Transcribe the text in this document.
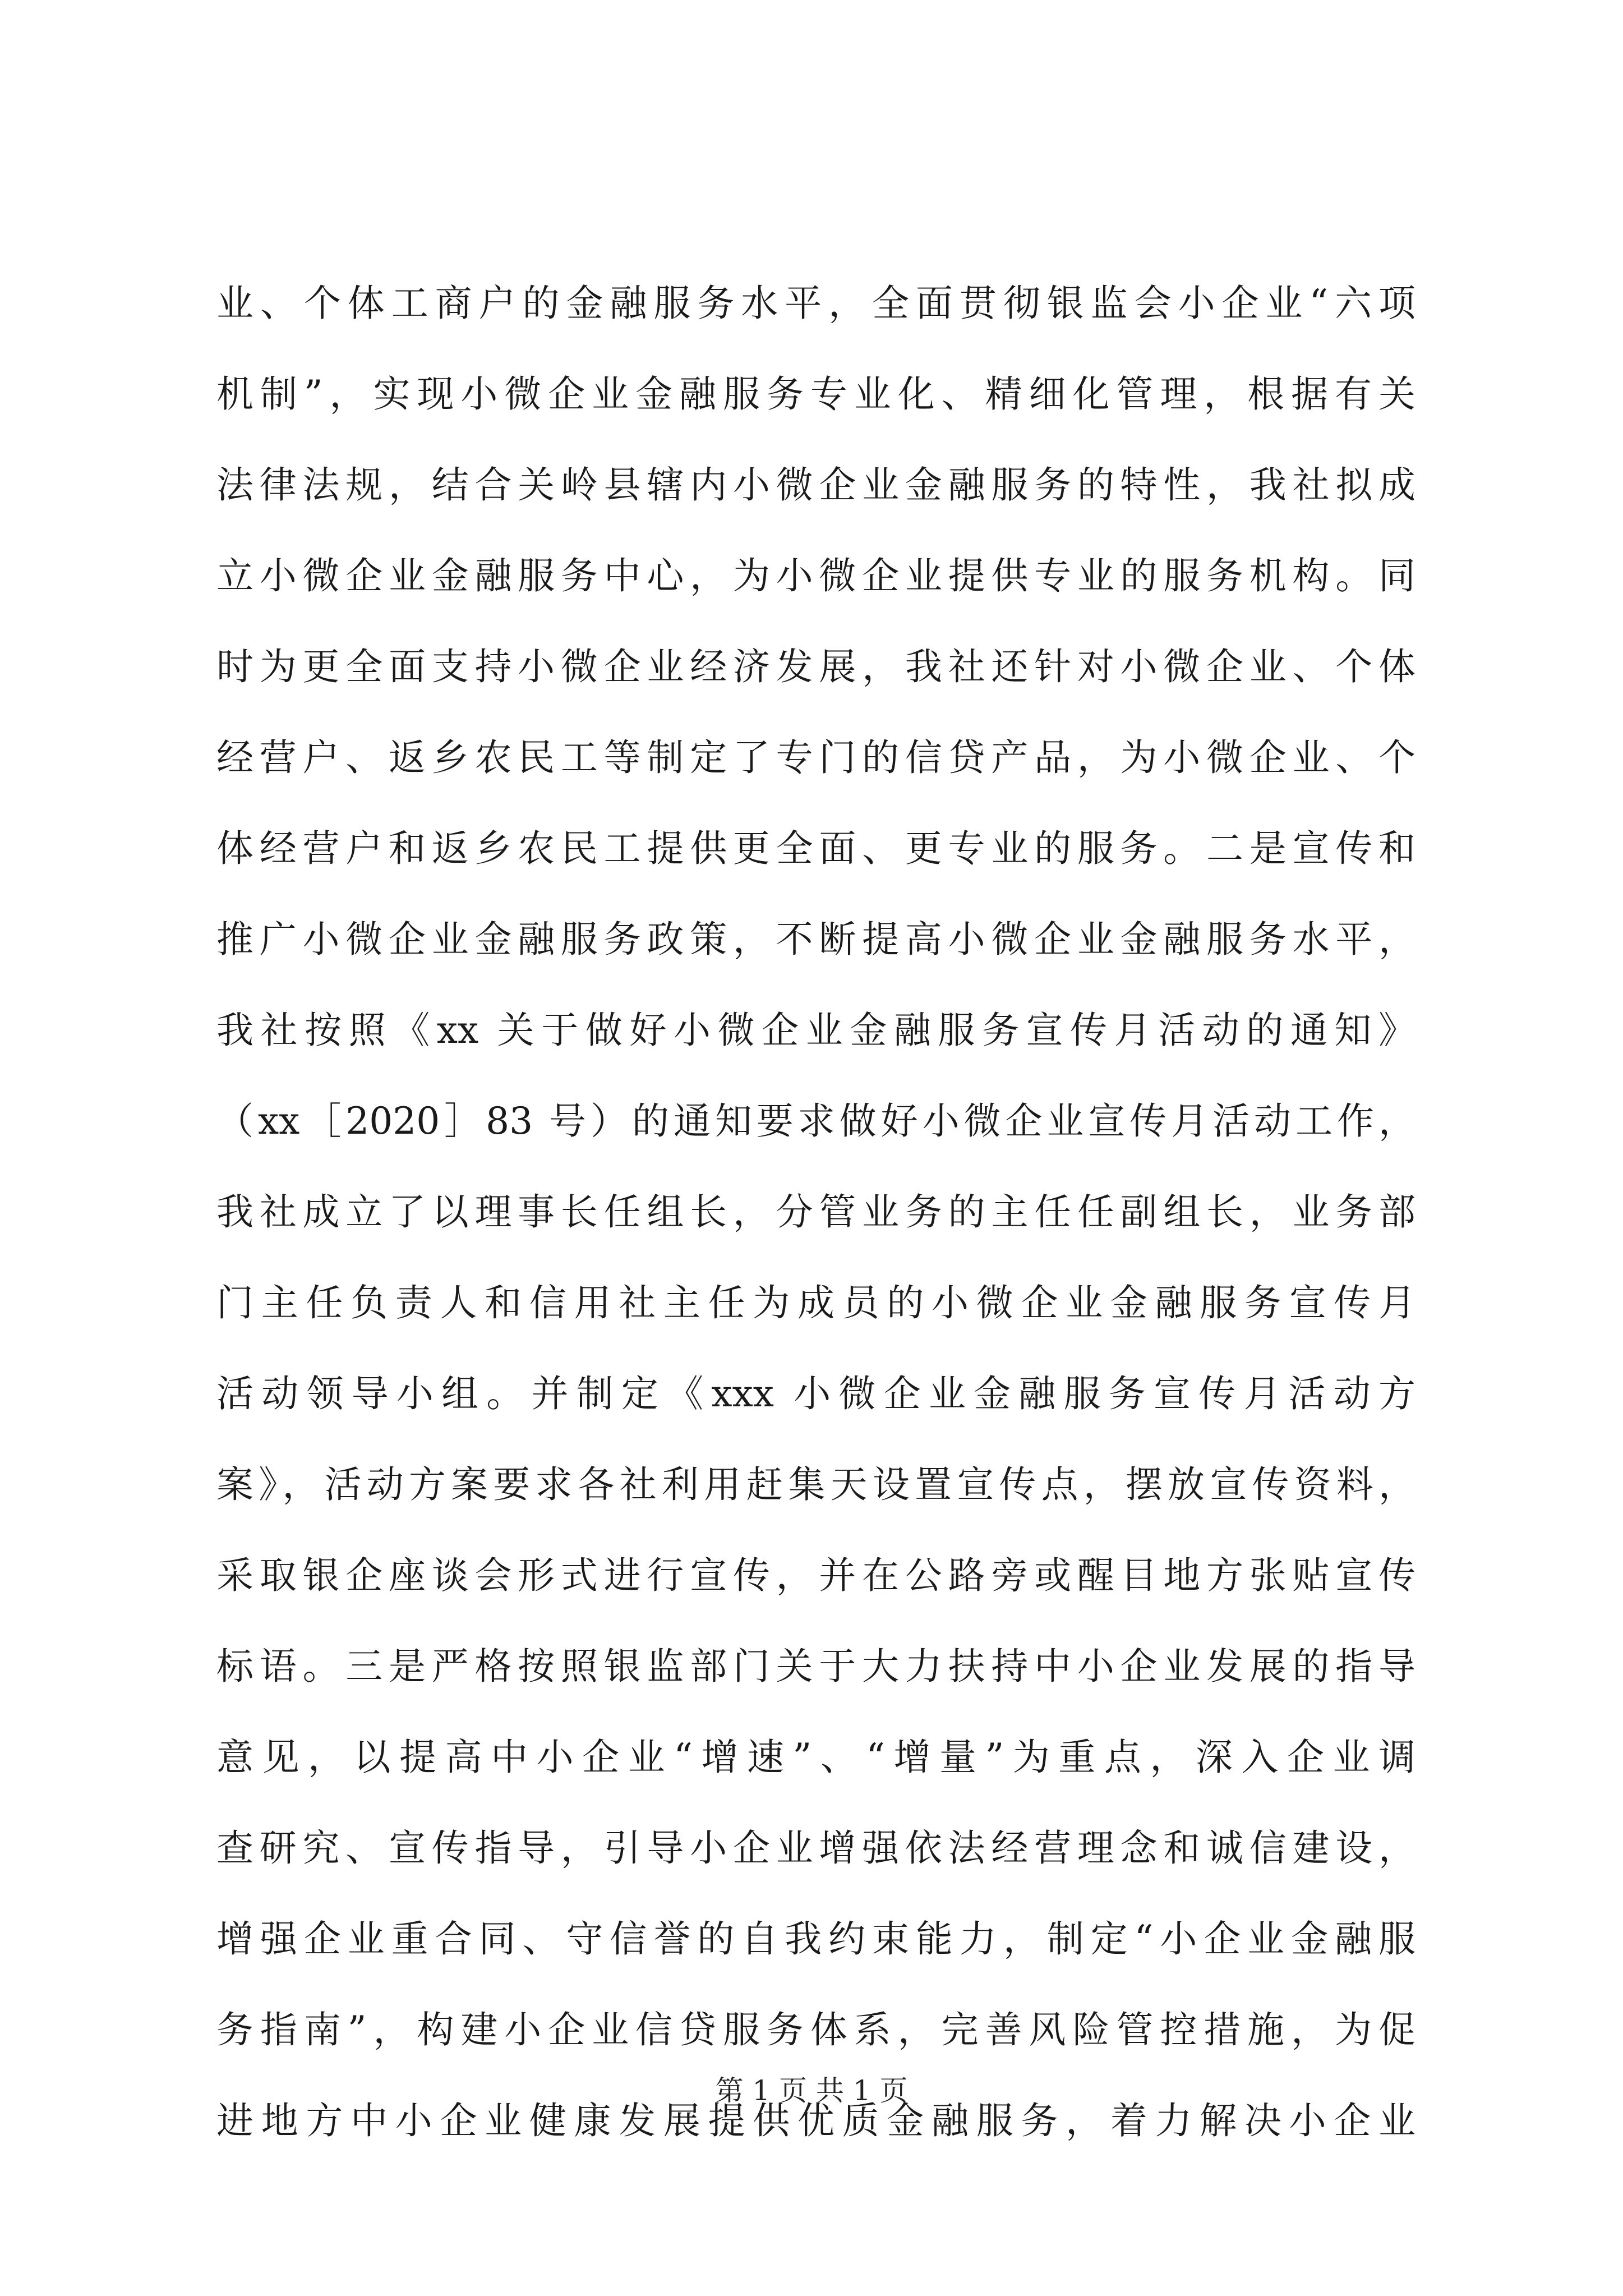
业、个体工商户的金融服务水平，全面贯彻银监会小企业“六项
机制”，实现小微企业金融服务专业化、精细化管理，根据有关
法律法规，结合关岭县辖内小微企业金融服务的特性，我社拟成
立小微企业金融服务中心，为小微企业提供专业的服务机构。同
时为更全面支持小微企业经济发展，我社还针对小微企业、个体
经营户、返乡农民工等制定了专门的信贷产品，为小微企业、个
体经营户和返乡农民工提供更全面、更专业的服务。二是宣传和
推广小微企业金融服务政策，不断提高小微企业金融服务水平，
我社按照《xx 关于做好小微企业金融服务宣传月活动的通知》
（xx［2020］83 号）的通知要求做好小微企业宣传月活动工作，
我社成立了以理事长任组长，分管业务的主任任副组长，业务部
门主任负责人和信用社主任为成员的小微企业金融服务宣传月
活动领导小组。并制定《xxx 小微企业金融服务宣传月活动方
案》，活动方案要求各社利用赶集天设置宣传点，摆放宣传资料，
采取银企座谈会形式进行宣传，并在公路旁或醒目地方张贴宣传
标语。三是严格按照银监部门关于大力扶持中小企业发展的指导
意见，以提高中小企业“增速”、“增量”为重点，深入企业调
查研究、宣传指导，引导小企业增强依法经营理念和诚信建设，
增强企业重合同、守信誉的自我约束能力，制定“小企业金融服
务指南”，构建小企业信贷服务体系，完善风险管控措施，为促
进地方中小企业健康发展提供优质金融服务，着力解决小企业
第 1 页 共 1 页
